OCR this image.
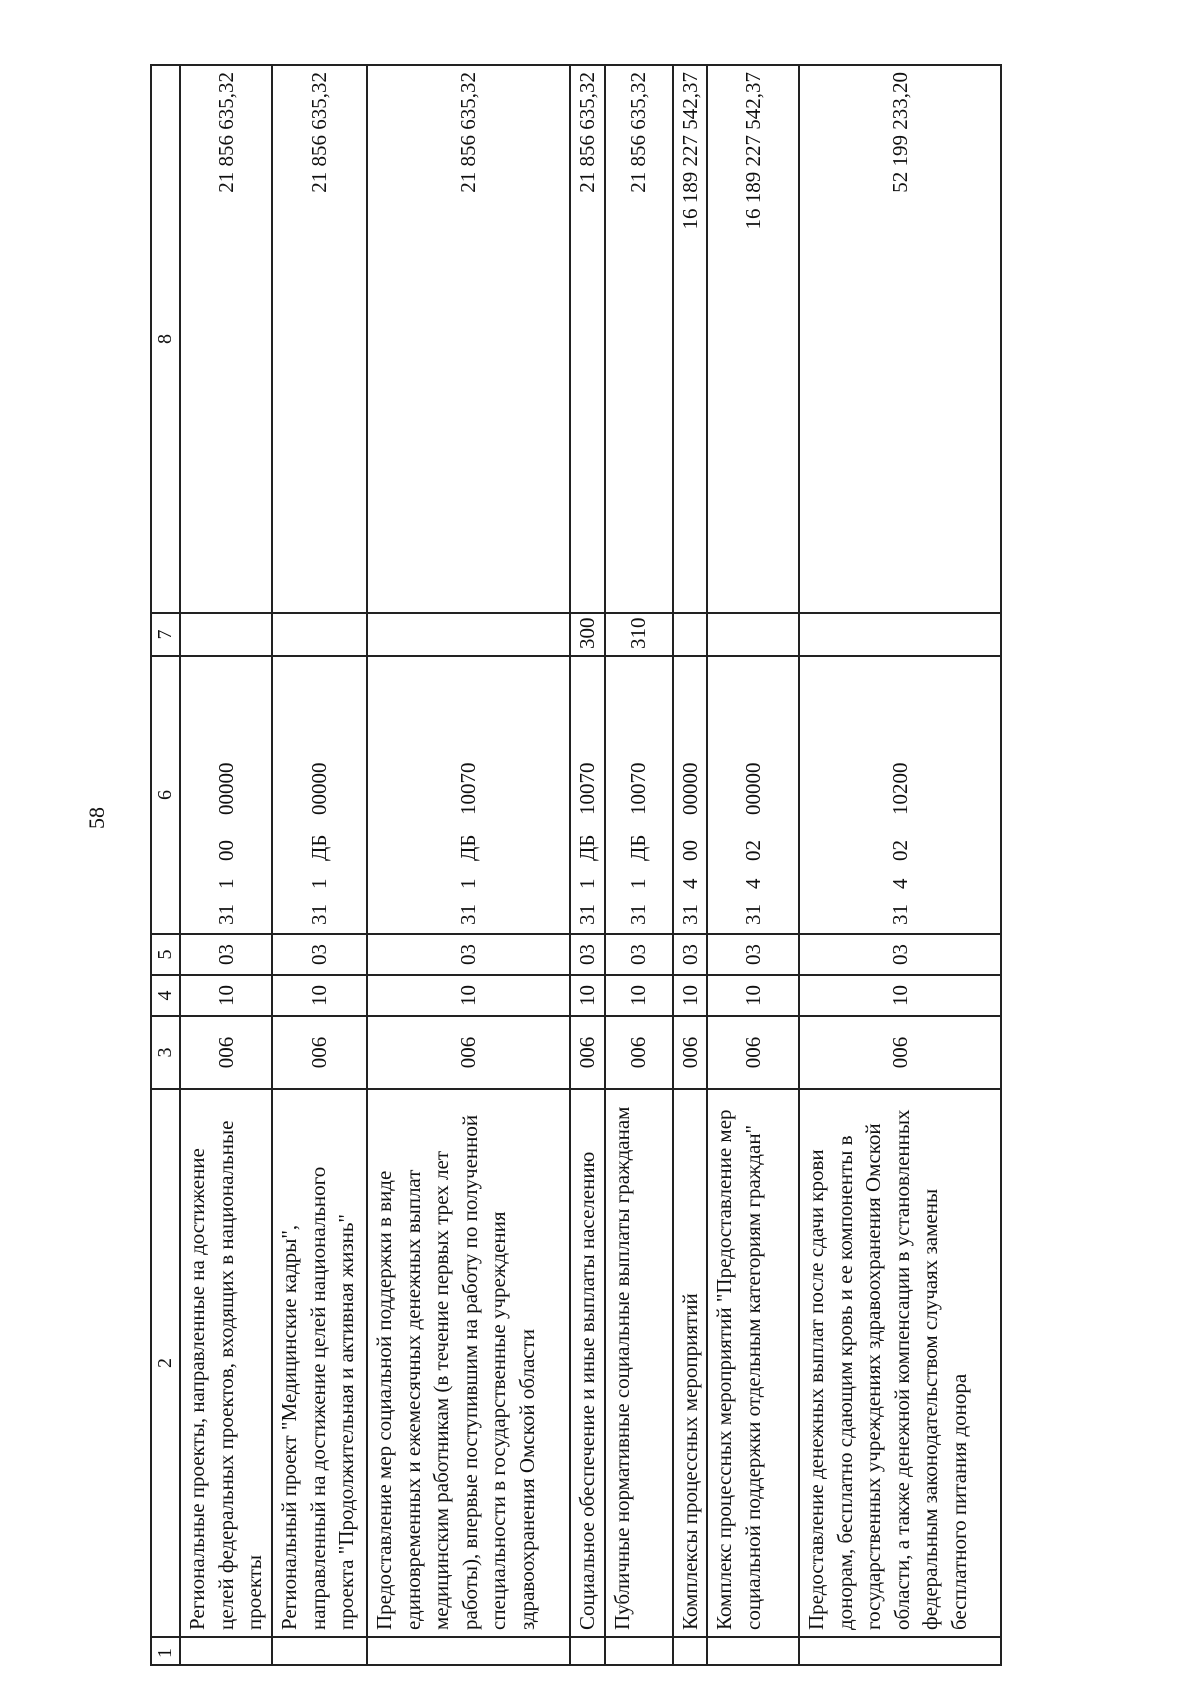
58
1	2	3	4	5	6	7	8
	Региональные проекты, направленные на достижение целей федеральных проектов, входящих в национальные проекты	006	10	03	3110000000		21 856 635,32
	Региональный проект "Медицинские кадры", направленный на достижение целей национального проекта "Продолжительная и активная жизнь"	006	10	03	311ДБ00000		21 856 635,32
	Предоставление мер социальной поддержки в виде единовременных и ежемесячных денежных выплат медицинским работникам (в течение первых трех лет работы), впервые поступившим на работу по полученной специальности в государственные учреждения здравоохранения Омской области	006	10	03	311ДБ10070		21 856 635,32
	Социальное обеспечение и иные выплаты населению	006	10	03	311ДБ10070	300	21 856 635,32
	Публичные нормативные социальные выплаты гражданам	006	10	03	311ДБ10070	310	21 856 635,32
	Комплексы процессных мероприятий	006	10	03	3140000000		16 189 227 542,37
	Комплекс процессных мероприятий "Предоставление мер социальной поддержки отдельным категориям граждан"	006	10	03	3140200000		16 189 227 542,37
	Предоставление денежных выплат после сдачи крови донорам, бесплатно сдающим кровь и ее компоненты в государственных учреждениях здравоохранения Омской области, а также денежной компенсации в установленных федеральным законодательством случаях замены бесплатного питания донора	006	10	03	3140210200		52 199 233,20
